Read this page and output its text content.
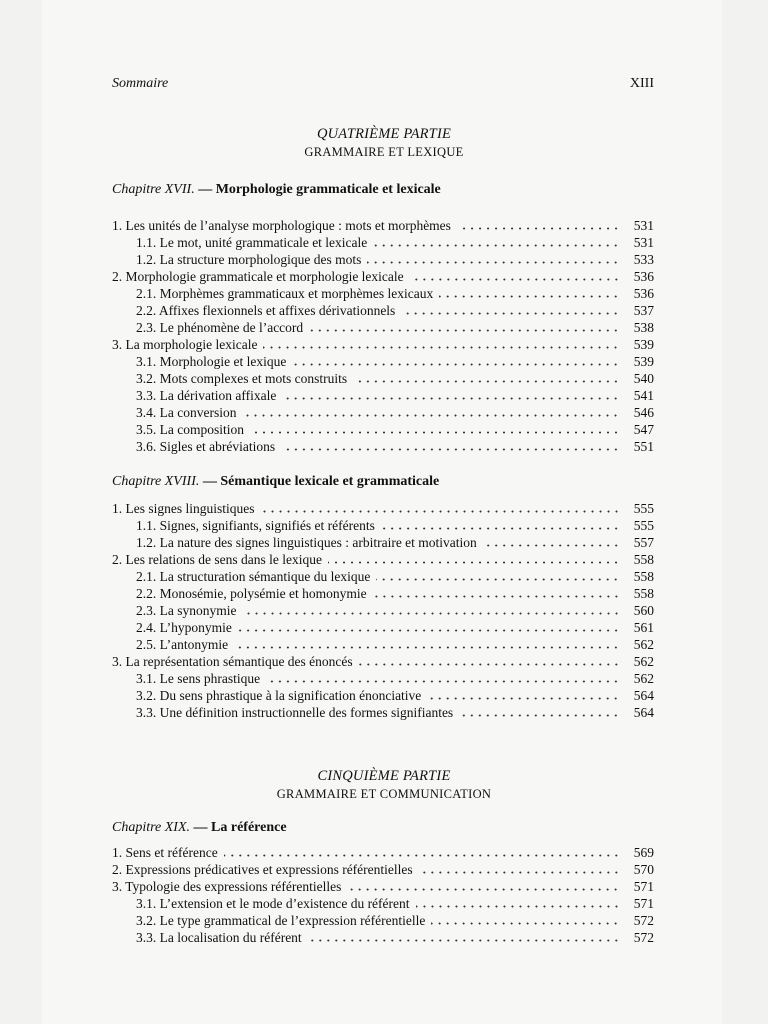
Sommaire	XIII
QUATRIÈME PARTIE
GRAMMAIRE ET LEXIQUE
Chapitre XVII. — Morphologie grammaticale et lexicale
1. Les unités de l’analyse morphologique : mots et morphèmes	531
1.1. Le mot, unité grammaticale et lexicale	531
1.2. La structure morphologique des mots	533
2. Morphologie grammaticale et morphologie lexicale	536
2.1. Morphèmes grammaticaux et morphèmes lexicaux	536
2.2. Affixes flexionnels et affixes dérivationnels	537
2.3. Le phénomène de l’accord	538
3. La morphologie lexicale	539
3.1. Morphologie et lexique	539
3.2. Mots complexes et mots construits	540
3.3. La dérivation affixale	541
3.4. La conversion	546
3.5. La composition	547
3.6. Sigles et abréviations	551
Chapitre XVIII. — Sémantique lexicale et grammaticale
1. Les signes linguistiques	555
1.1. Signes, signifiants, signifiés et référents	555
1.2. La nature des signes linguistiques : arbitraire et motivation	557
2. Les relations de sens dans le lexique	558
2.1. La structuration sémantique du lexique	558
2.2. Monosémie, polysémie et homonymie	558
2.3. La synonymie	560
2.4. L’hyponymie	561
2.5. L’antonymie	562
3. La représentation sémantique des énoncés	562
3.1. Le sens phrastique	562
3.2. Du sens phrastique à la signification énonciative	564
3.3. Une définition instructionnelle des formes signifiantes	564
CINQUIÈME PARTIE
GRAMMAIRE ET COMMUNICATION
Chapitre XIX. — La référence
1. Sens et référence	569
2. Expressions prédicatives et expressions référentielles	570
3. Typologie des expressions référentielles	571
3.1. L’extension et le mode d’existence du référent	571
3.2. Le type grammatical de l’expression référentielle	572
3.3. La localisation du référent	572
